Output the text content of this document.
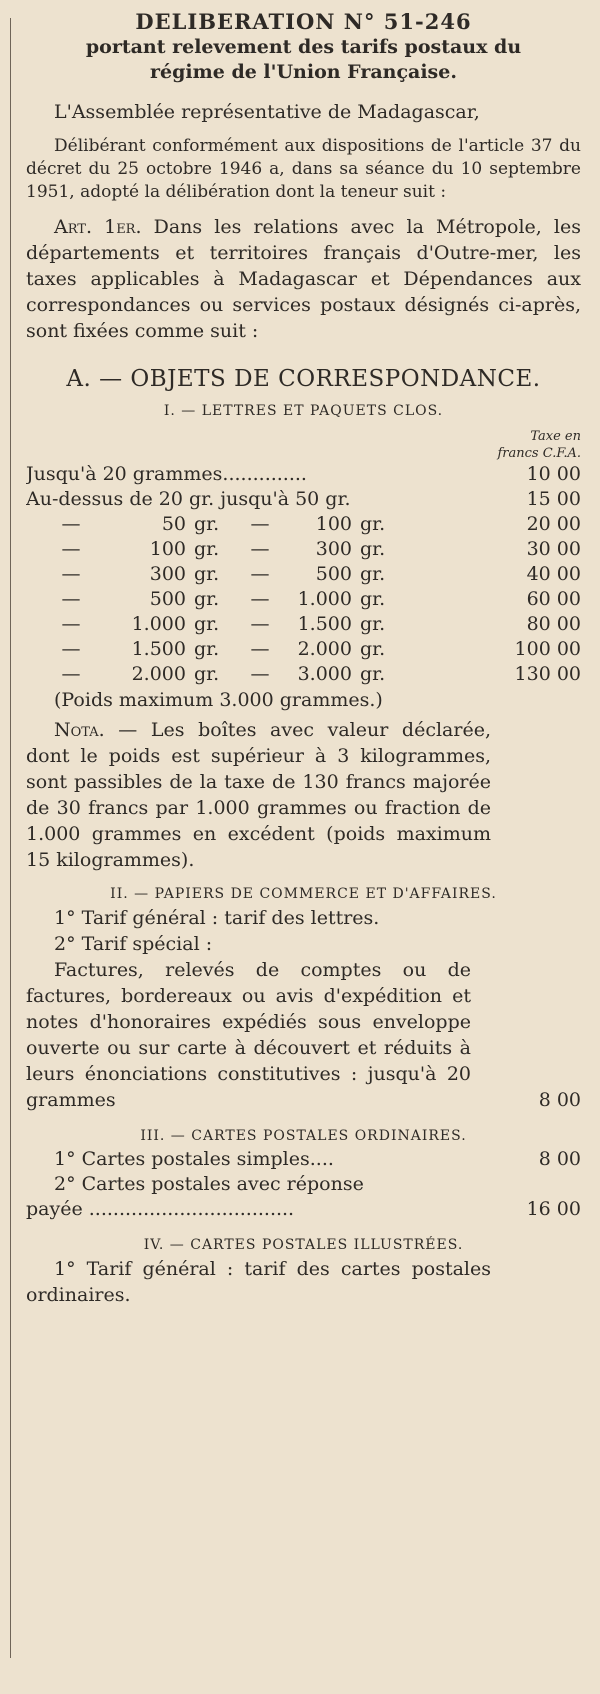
DELIBERATION N° 51-246
portant relevement des tarifs postaux du
régime de l'Union Française.
L'Assemblée représentative de Madagascar,
Délibérant conformément aux dispositions de l'article 37 du décret du 25 octobre 1946 a, dans sa séance du 10 septembre 1951, adopté la délibération dont la teneur suit :
Art. 1er. Dans les relations avec la Métropole, les départements et territoires français d'Outre-mer, les taxes applicables à Madagascar et Dépendances aux correspondances ou services postaux désignés ci-après, sont fixées comme suit :
A. — OBJETS DE CORRESPONDANCE.
I. — LETTRES ET PAQUETS CLOS.
Taxe en
francs C.F.A.
Jusqu'à 20 grammes..............	10 00
Au-dessus de 20 gr. jusqu'à 50 gr.	15 00
—	50 gr.	—	100 gr.	20 00
—	100 gr.	—	300 gr.	30 00
—	300 gr.	—	500 gr.	40 00
—	500 gr.	—	1.000 gr.	60 00
—	1.000 gr.	—	1.500 gr.	80 00
—	1.500 gr.	—	2.000 gr.	100 00
—	2.000 gr.	—	3.000 gr.	130 00
(Poids maximum 3.000 grammes.)
Nota. — Les boîtes avec valeur déclarée, dont le poids est supérieur à 3 kilogrammes, sont passibles de la taxe de 130 francs majorée de 30 francs par 1.000 grammes ou fraction de 1.000 grammes en excédent (poids maximum 15 kilogrammes).
II. — PAPIERS DE COMMERCE ET D'AFFAIRES.
1° Tarif général : tarif des lettres.
2° Tarif spécial :
Factures, relevés de comptes ou de factures, bordereaux ou avis d'expédition et notes d'honoraires expédiés sous enveloppe ouverte ou sur carte à découvert et réduits à leurs énonciations constitutives : jusqu'à 20 grammes	8 00
III. — CARTES POSTALES ORDINAIRES.
1° Cartes postales simples....	8 00
2° Cartes postales avec réponse
payée ..................................	16 00
IV. — CARTES POSTALES ILLUSTRÉES.
1° Tarif général : tarif des cartes postales ordinaires.
